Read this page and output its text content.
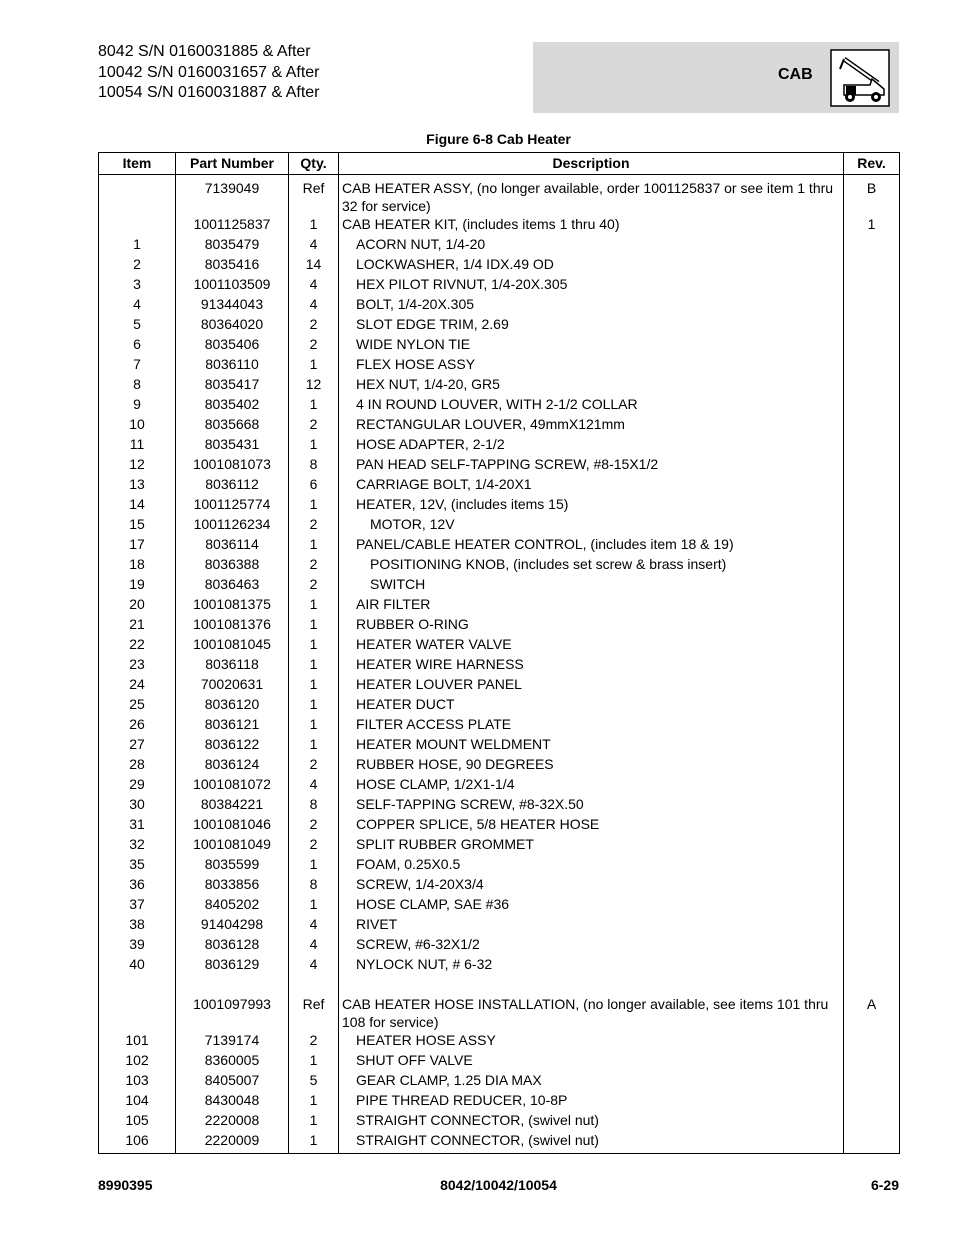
8042 S/N 0160031885 & After
10042 S/N 0160031657 & After
10054 S/N 0160031887 & After
CAB
Figure 6-8 Cab Heater
Item	Part Number	Qty.	Description	Rev.
	7139049	Ref	CAB HEATER ASSY, (no longer available, order 1001125837 or see item 1 thru 32 for service)	B
	1001125837	1	CAB HEATER KIT, (includes items 1 thru 40)	1
1	8035479	4	ACORN NUT, 1/4-20	
2	8035416	14	LOCKWASHER, 1/4 IDX.49 OD	
3	1001103509	4	HEX PILOT RIVNUT, 1/4-20X.305	
4	91344043	4	BOLT, 1/4-20X.305	
5	80364020	2	SLOT EDGE TRIM, 2.69	
6	8035406	2	WIDE NYLON TIE	
7	8036110	1	FLEX HOSE ASSY	
8	8035417	12	HEX NUT, 1/4-20, GR5	
9	8035402	1	4 IN ROUND LOUVER, WITH 2-1/2 COLLAR	
10	8035668	2	RECTANGULAR LOUVER, 49mmX121mm	
11	8035431	1	HOSE ADAPTER, 2-1/2	
12	1001081073	8	PAN HEAD SELF-TAPPING SCREW, #8-15X1/2	
13	8036112	6	CARRIAGE BOLT, 1/4-20X1	
14	1001125774	1	HEATER, 12V, (includes items 15)	
15	1001126234	2	MOTOR, 12V	
17	8036114	1	PANEL/CABLE HEATER CONTROL, (includes item 18 & 19)	
18	8036388	2	POSITIONING KNOB, (includes set screw & brass insert)	
19	8036463	2	SWITCH	
20	1001081375	1	AIR FILTER	
21	1001081376	1	RUBBER O-RING	
22	1001081045	1	HEATER WATER VALVE	
23	8036118	1	HEATER WIRE HARNESS	
24	70020631	1	HEATER LOUVER PANEL	
25	8036120	1	HEATER DUCT	
26	8036121	1	FILTER ACCESS PLATE	
27	8036122	1	HEATER MOUNT WELDMENT	
28	8036124	2	RUBBER HOSE, 90 DEGREES	
29	1001081072	4	HOSE CLAMP, 1/2X1-1/4	
30	80384221	8	SELF-TAPPING SCREW, #8-32X.50	
31	1001081046	2	COPPER SPLICE, 5/8 HEATER HOSE	
32	1001081049	2	SPLIT RUBBER GROMMET	
35	8035599	1	FOAM, 0.25X0.5	
36	8033856	8	SCREW, 1/4-20X3/4	
37	8405202	1	HOSE CLAMP, SAE #36	
38	91404298	4	RIVET	
39	8036128	4	SCREW, #6-32X1/2	
40	8036129	4	NYLOCK NUT, # 6-32	

	1001097993	Ref	CAB HEATER HOSE INSTALLATION, (no longer available, see items 101 thru 108 for service)	A
101	7139174	2	HEATER HOSE ASSY	
102	8360005	1	SHUT OFF VALVE	
103	8405007	5	GEAR CLAMP, 1.25 DIA MAX	
104	8430048	1	PIPE THREAD REDUCER, 10-8P	
105	2220008	1	STRAIGHT CONNECTOR, (swivel nut)	
106	2220009	1	STRAIGHT CONNECTOR, (swivel nut)	
8990395	8042/10042/10054	6-29
